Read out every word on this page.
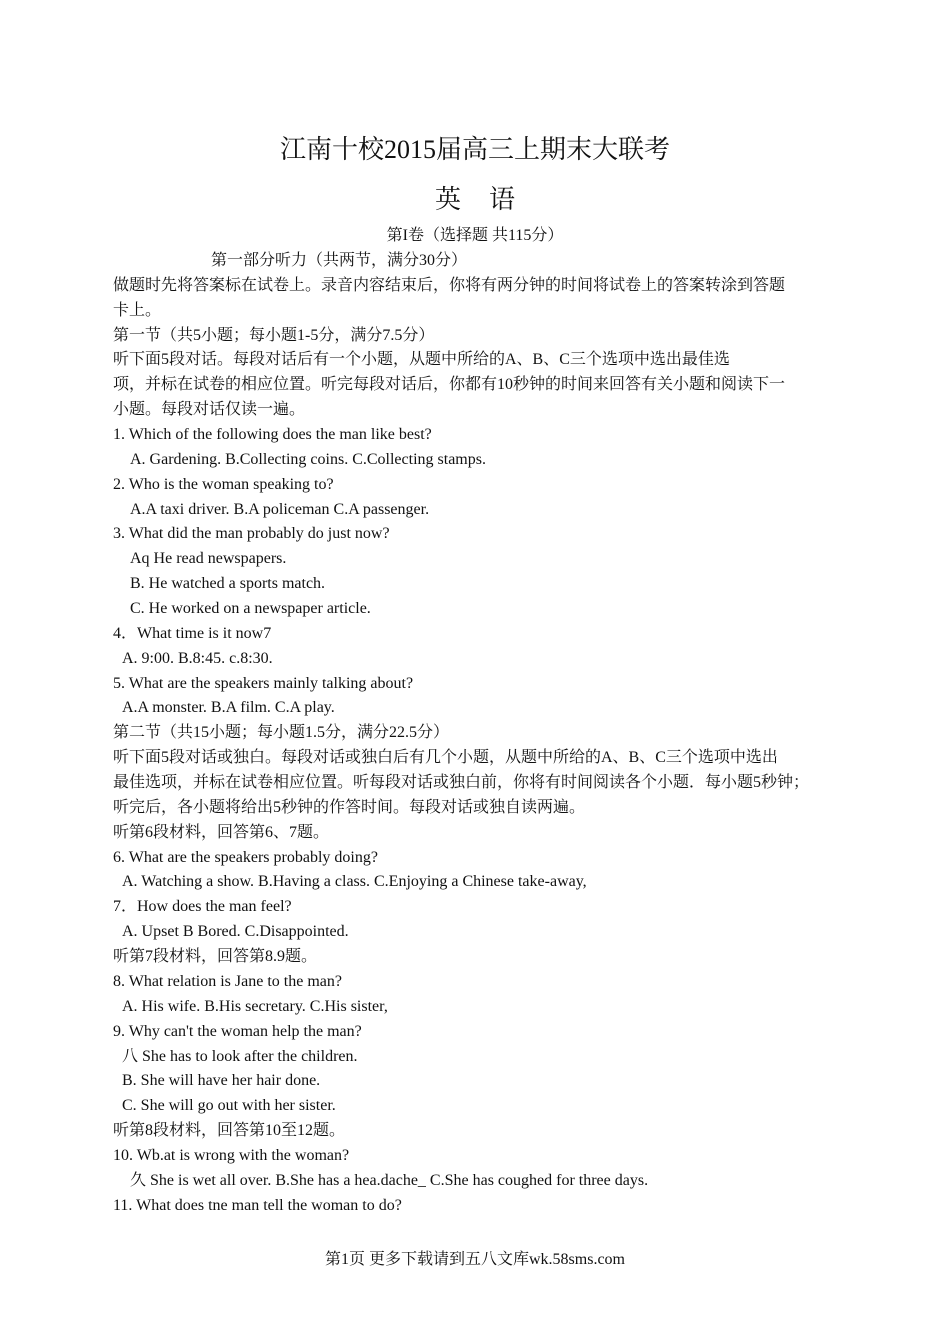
江南十校2015届高三上期末大联考
英语
第I卷（选择题 共115分）
第一部分听力（共两节，满分30分）
做题时先将答案标在试卷上。录音内容结束后，你将有两分钟的时间将试卷上的答案转涂到答题
卡上。
第一节（共5小题；每小题1-5分，满分7.5分）
听下面5段对话。每段对话后有一个小题，从题中所给的A、B、C三个选项中选出最佳选
项，并标在试卷的相应位置。听完每段对话后，你都有10秒钟的时间来回答有关小题和阅读下一
小题。每段对话仅读一遍。
1. Which of the following does the man like best?
A. Gardening. B.Collecting coins. C.Collecting stamps.
2. Who is the woman speaking to?
A.A taxi driver. B.A policeman C.A passenger.
3. What did the man probably do just now?
Aq He read newspapers.
B. He watched a sports match.
C. He worked on a newspaper article.
4．What time is it now7
A. 9:00. B.8:45. c.8:30.
5. What are the speakers mainly talking about?
A.A monster. B.A film. C.A play.
第二节（共15小题；每小题1.5分，满分22.5分）
听下面5段对话或独白。每段对话或独白后有几个小题，从题中所给的A、B、C三个选项中选出
最佳选项，并标在试卷相应位置。听每段对话或独白前，你将有时间阅读各个小题．每小题5秒钟；
听完后，各小题将给出5秒钟的作答时间。每段对话或独自读两遍。
听第6段材料，回答第6、7题。
6. What are the speakers probably doing?
A. Watching a show. B.Having a class. C.Enjoying a Chinese take-away,
7．How does the man feel?
A. Upset B Bored. C.Disappointed.
听第7段材料，回答第8.9题。
8. What relation is Jane to the man?
A. His wife. B.His secretary. C.His sister,
9. Why can't the woman help the man?
八 She has to look after the children.
B. She will have her hair done.
C. She will go out with her sister.
听第8段材料，回答第10至12题。
10. Wb.at is wrong with the woman?
久 She is wet all over. B.She has a hea.dache_ C.She has coughed for three days.
11. What does tne man tell the woman to do?
第1页 更多下载请到五八文库wk.58sms.com
